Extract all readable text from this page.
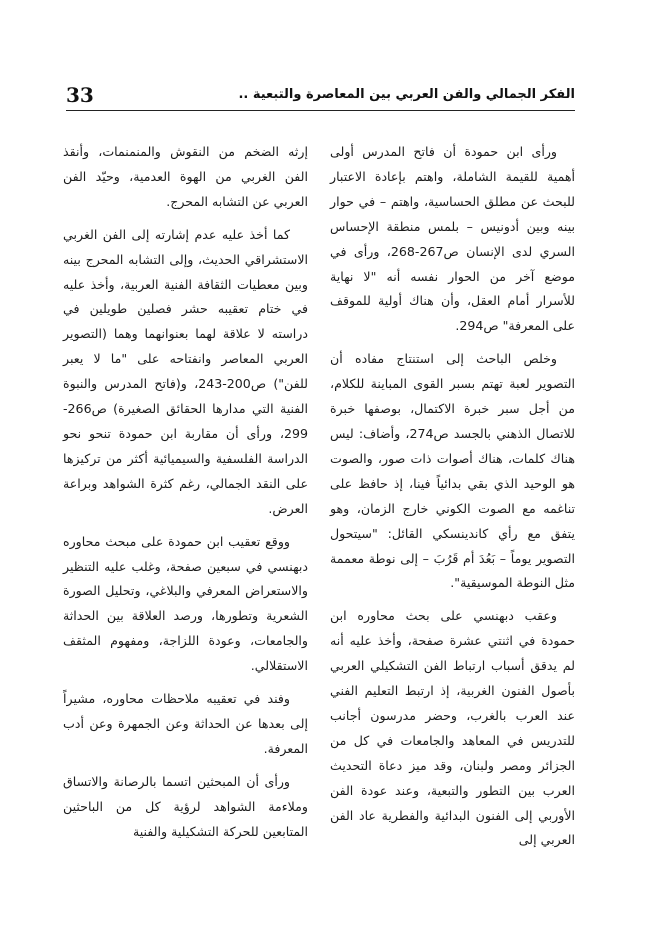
33	الفكر الجمالي والفن العربي بين المعاصرة والتبعية ..

ورأى ابن حمودة أن فاتح المدرس أولى أهمية للقيمة الشاملة، واهتم بإعادة الاعتبار للبحث عن مطلق الحساسية، واهتم – في حوار بينه وبين أدونيس – بلمس منطقة الإحساس السري لدى الإنسان ص267-268، ورأى في موضع آخر من الحوار نفسه أنه "لا نهاية للأسرار أمام العقل، وأن هناك أولية للموقف على المعرفة" ص294.

وخلص الباحث إلى استنتاج مفاده أن التصوير لعبة تهتم بسبر القوى المباينة للكلام، من أجل سبر خبرة الاكتمال، بوصفها خبرة للاتصال الذهني بالجسد ص274، وأضاف: ليس هناك كلمات، هناك أصوات ذات صور، والصوت هو الوحيد الذي بقي بدائياً فينا، إذ حافظ على تناغمه مع الصوت الكوني خارج الزمان، وهو يتفق مع رأي كاندينسكي القائل: "سيتحول التصوير يوماً – بَعُدَ أم قَرُبَ – إلى نوطة معممة مثل النوطة الموسيقية".

وعقب دبهنسي على بحث محاوره ابن حمودة في اثنتي عشرة صفحة، وأخذ عليه أنه لم يدقق أسباب ارتباط الفن التشكيلي العربي بأصول الفنون الغربية، إذ ارتبط التعليم الفني عند العرب بالغرب، وحضر مدرسون أجانب للتدريس في المعاهد والجامعات في كل من الجزائر ومصر ولبنان، وقد ميز دعاة التحديث العرب بين التطور والتبعية، وعند عودة الفن الأوربي إلى الفنون البدائية والفطرية عاد الفن العربي إلى

إرثه الضخم من النقوش والمنمنمات، وأنقذ الفن الغربي من الهوة العدمية، وحيّد الفن العربي عن التشابه المحرج.

كما أخذ عليه عدم إشارته إلى الفن الغربي الاستشراقي الحديث، وإلى التشابه المحرج بينه وبين معطيات الثقافة الفنية العربية، وأخذ عليه في ختام تعقيبه حشر فصلين طويلين في دراسته لا علاقة لهما بعنوانهما وهما (التصوير العربي المعاصر وانفتاحه على "ما لا يعبر للفن") ص200-243، و(فاتح المدرس والنبوة الفنية التي مدارها الحقائق الصغيرة) ص266- 299، ورأى أن مقاربة ابن حمودة تنحو نحو الدراسة الفلسفية والسيميائية أكثر من تركيزها على النقد الجمالي، رغم كثرة الشواهد وبراعة العرض.

ووقع تعقيب ابن حمودة على مبحث محاوره دبهنسي في سبعين صفحة، وغلب عليه التنظير والاستعراض المعرفي والبلاغي، وتحليل الصورة الشعرية وتطورها، ورصد العلاقة بين الحداثة والجامعات، وعودة اللزاجة، ومفهوم المثقف الاستقلالي.

وفند في تعقيبه ملاحظات محاوره، مشيراً إلى بعدها عن الحداثة وعن الجمهرة وعن أدب المعرفة.

ورأى أن المبحثين اتسما بالرصانة والاتساق وملاءمة الشواهد لرؤية كل من الباحثين المتابعين للحركة التشكيلية والفنية
